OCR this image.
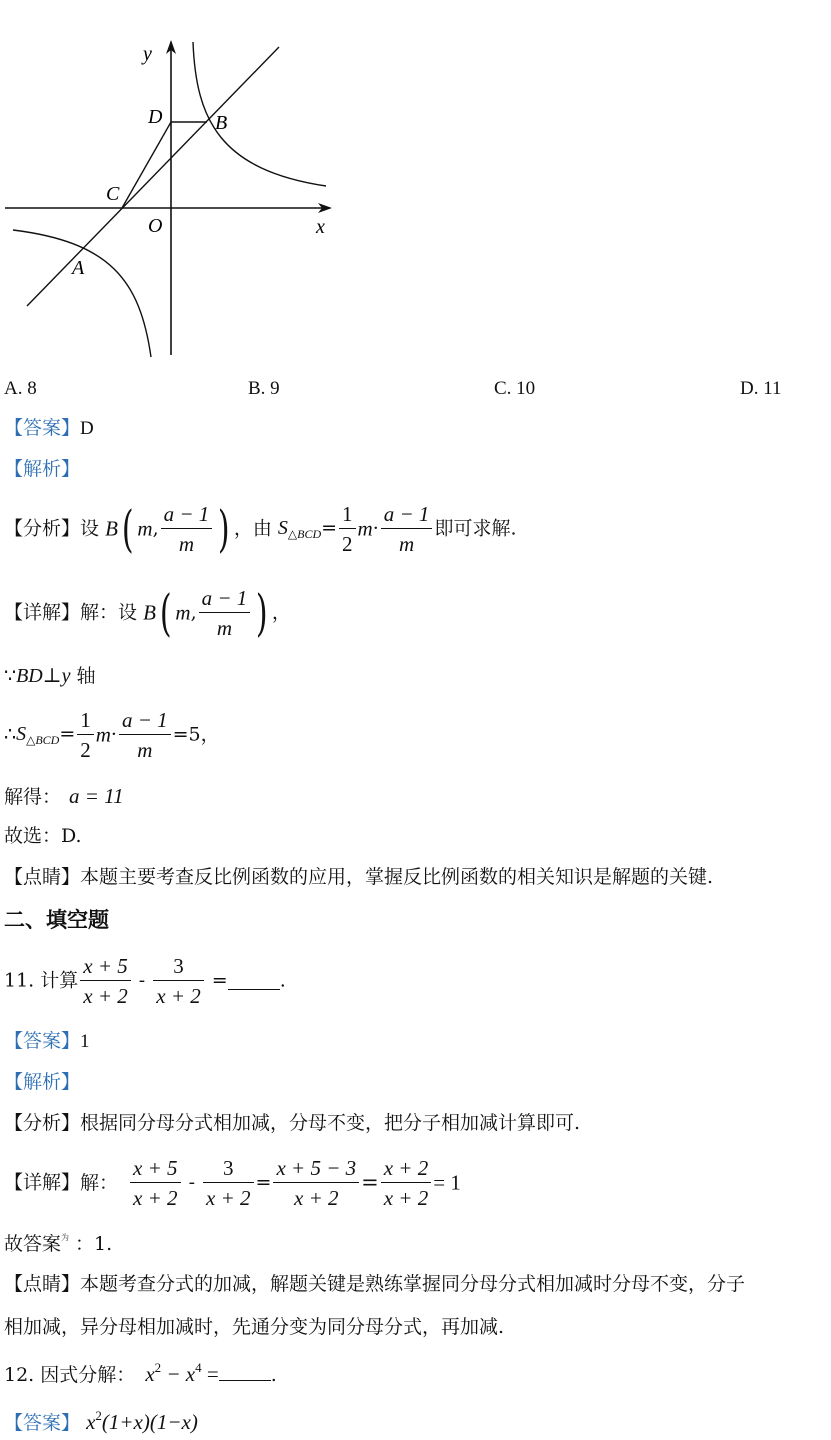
y
x
O
D	B
C
A
A. 8	B. 9	C. 10	D. 11
【答案】D
【解析】
【分析】设 B( m, $\frac{a - 1}{m}$ ) ，由 $S_{\triangle BCD}= \frac{1}{2} m\cdot \frac{a - 1}{m}$ 即可求解.
【详解】解：设 B( m, $\frac{a - 1}{m}$ ) ，
∵BD⊥y 轴
$\therefore S_{\triangle BCD}= \frac{1}{2} m\cdot \frac{a - 1}{m} =5$，
解得： a = 11
故选：D.
【点睛】本题主要考查反比例函数的应用，掌握反比例函数的相关知识是解题的关键.
二、填空题
11. 计算 $\frac{x + 5}{x + 2} - \frac{3}{x + 2}$ =	.
【答案】1
【解析】
【分析】根据同分母分式相加减，分母不变，把分子相加减计算即可.
【详解】解： $\frac{x + 5}{x + 2} - \frac{3}{x + 2} = \frac{x + 5 - 3}{x + 2} = \frac{x + 2}{x + 2} = 1$
故答案$^为$ ：1.
【点睛】本题考查分式的加减，解题关键是熟练掌握同分母分式相加减时分母不变，分子
相加减，异分母相加减时，先通分变为同分母分式，再加减.
12. 因式分解： $x^2 - x^4$ =	.
【答案】 $x^2(1+x)(1-x)$
